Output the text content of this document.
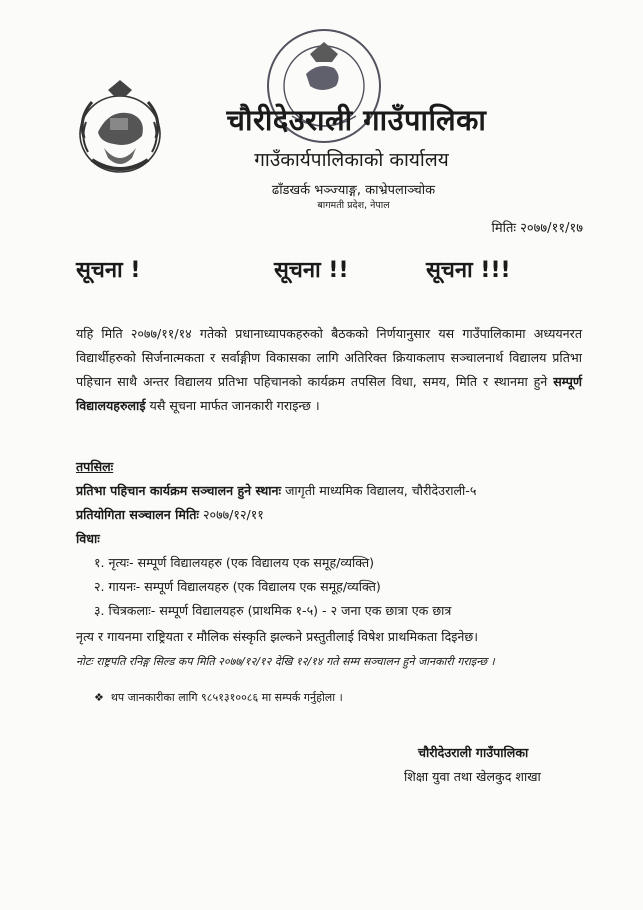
चौरीदेउराली गाउँपालिका
गाउँकार्यपालिकाको कार्यालय
ढाँडखर्क भञ्ज्याङ्ग, काभ्रेपलाञ्चोक
बागमती प्रदेश, नेपाल
मितिः २०७७/११/१७
सूचना !	सूचना !!	सूचना !!!
यहि मिति २०७७/११/१४ गतेको प्रधानाध्यापकहरुको बैठकको निर्णयानुसार यस गाउँपालिकामा अध्ययनरत विद्यार्थीहरुको सिर्जनात्मकता र सर्वाङ्गीण विकासका लागि अतिरिक्त क्रियाकलाप सञ्चालनार्थ विद्यालय प्रतिभा पहिचान साथै अन्तर विद्यालय प्रतिभा पहिचानको कार्यक्रम तपसिल विधा, समय, मिति र स्थानमा हुने सम्पूर्ण विद्यालयहरुलाई यसै सूचना मार्फत जानकारी गराइन्छ ।
तपसिलः
प्रतिभा पहिचान कार्यक्रम सञ्चालन हुने स्थानः जागृती माध्यमिक विद्यालय, चौरीदेउराली-५
प्रतियोगिता सञ्चालन मितिः २०७७/१२/११
विधाः
१. नृत्यः- सम्पूर्ण विद्यालयहरु (एक विद्यालय एक समूह/व्यक्ति)
२. गायनः- सम्पूर्ण विद्यालयहरु (एक विद्यालय एक समूह/व्यक्ति)
३. चित्रकलाः- सम्पूर्ण विद्यालयहरु (प्राथमिक १-५) - २ जना एक छात्रा एक छात्र
नृत्य र गायनमा राष्ट्रियता र मौलिक संस्कृति झल्कने प्रस्तुतीलाई विषेश प्राथमिकता दिइनेछ।
नोटः राष्ट्रपति रनिङ्ग सिल्ड कप मिति २०७७/१२/१२ देखि १२/१४ गते सम्म सञ्चालन हुने जानकारी गराइन्छ ।
❖ थप जानकारीका लागि ९८५१३१००८६ मा सम्पर्क गर्नुहोला ।
चौरीदेउराली गाउँपालिका
शिक्षा युवा तथा खेलकुद शाखा
